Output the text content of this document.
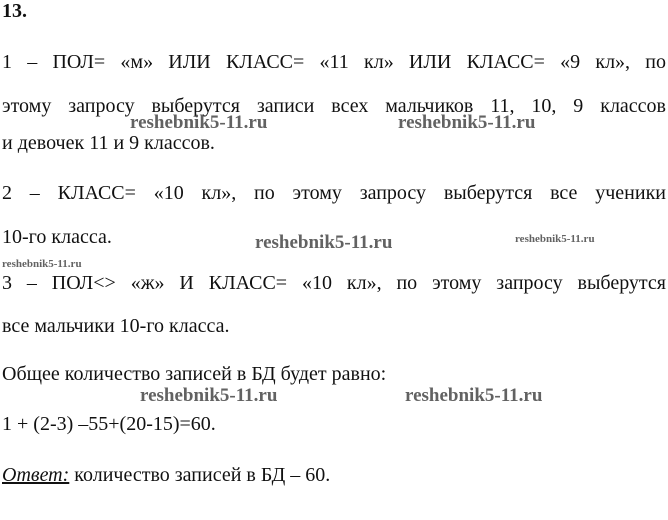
13.
1 – ПОЛ= «м» ИЛИ КЛАСС= «11 кл» ИЛИ КЛАСС= «9 кл», по
этому запросу выберутся записи всех мальчиков 11, 10, 9 классов
и девочек 11 и 9 классов.
2 – КЛАСС= «10 кл», по этому запросу выберутся все ученики
10-го класса.
3 – ПОЛ<> «ж» И КЛАСС= «10 кл», по этому запросу выберутся
все мальчики 10-го класса.
Общее количество записей в БД будет равно:
1 + (2-3) –55+(20-15)=60.
Ответ: количество записей в БД – 60.
reshebnik5-11.ru	reshebnik5-11.ru
reshebnik5-11.ru	reshebnik5-11.ru
reshebnik5-11.ru
reshebnik5-11.ru	reshebnik5-11.ru
